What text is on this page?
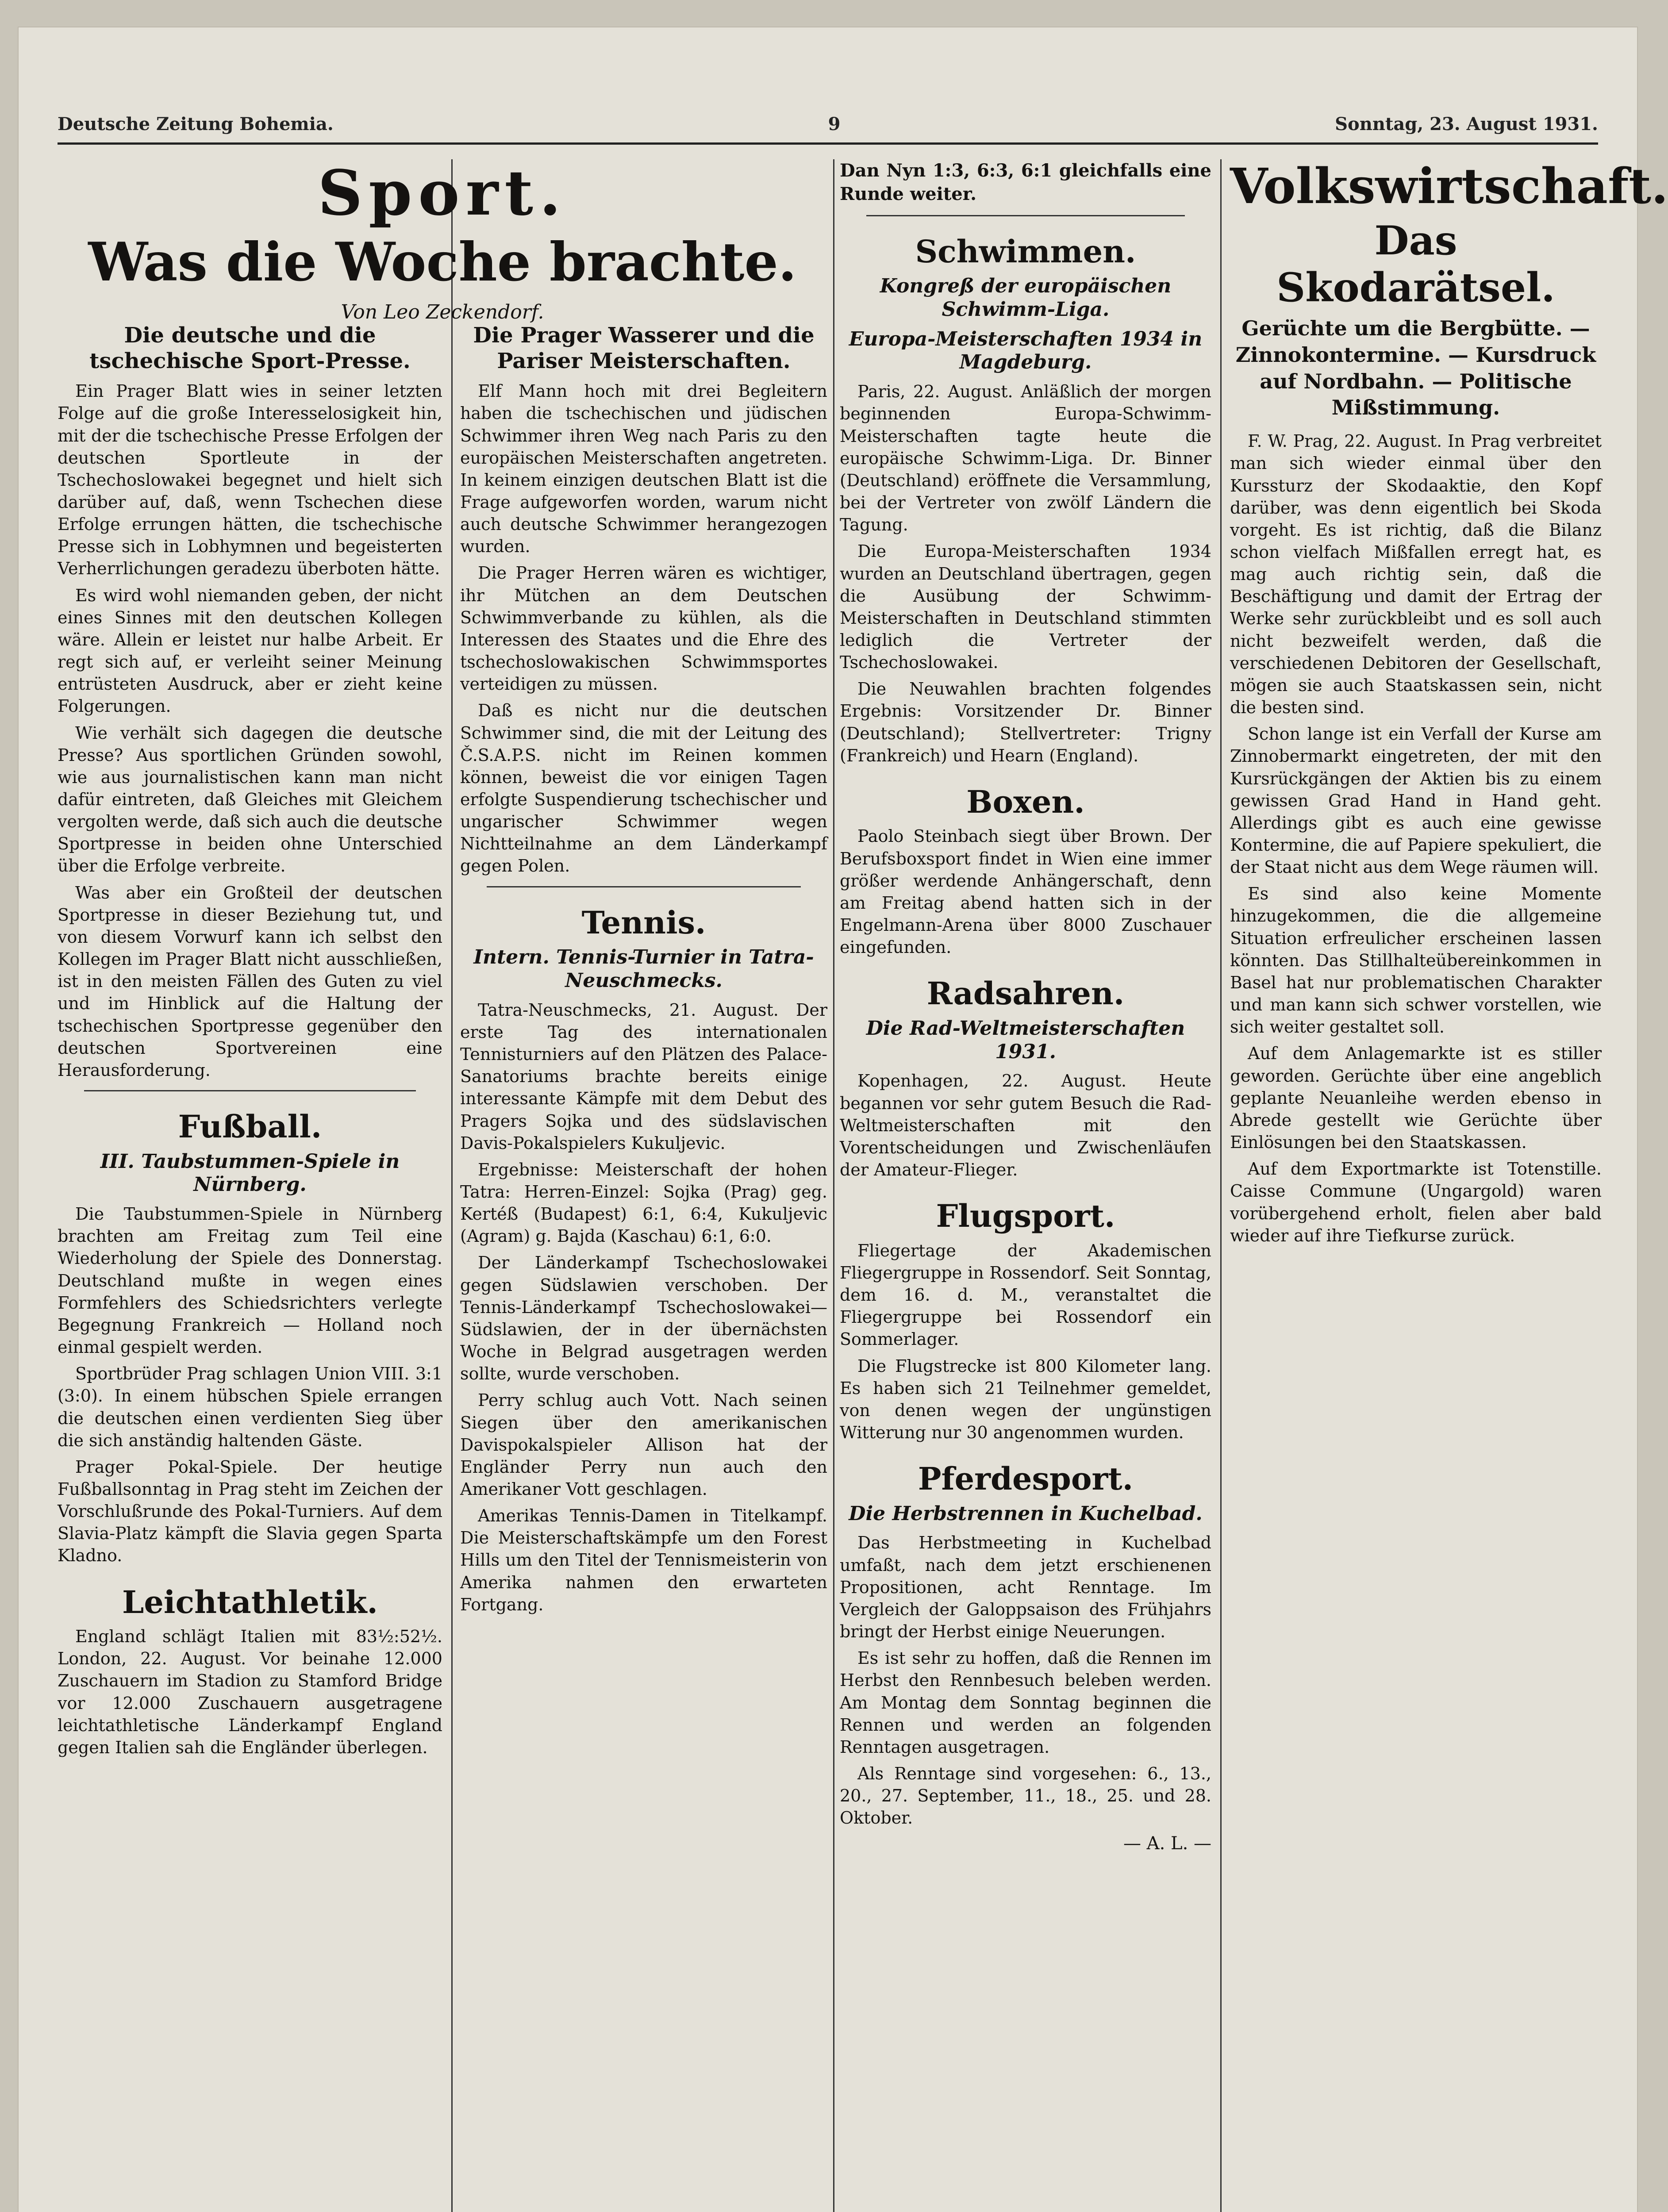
Deutsche Zeitung Bohemia.	9	Sonntag, 23. August 1931.
Sport.
Was die Woche brachte.
Von Leo Zeckendorf.
Die deutsche und die tschechische Sport-Presse.

Ein Prager Blatt wies in seiner letzten Folge auf die große Interesselosigkeit hin, mit der die tschechische Presse Erfolgen der deutschen Sportleute in der Tschechoslowakei begegnet und hielt sich darüber auf, daß, wenn Tschechen diese Erfolge errungen hätten, die tschechische Presse sich in Lobhymnen und begeisterten Verherrlichungen geradezu überboten hätte.

Es wird wohl niemanden geben, der nicht eines Sinnes mit den deutschen Kollegen wäre. Allein er leistet nur halbe Arbeit. Er regt sich auf, er verleiht seiner Meinung entrüsteten Ausdruck, aber er zieht keine Folgerungen.

Wie verhält sich dagegen die deutsche Presse? Aus sportlichen Gründen sowohl, wie aus journalistischen kann man nicht dafür eintreten, daß Gleiches mit Gleichem vergolten werde, daß sich auch die deutsche Sportpresse in beiden ohne Unterschied über die Erfolge verbreite.

Was aber ein Großteil der deutschen Sportpresse in dieser Beziehung tut, und von diesem Vorwurf kann ich selbst den Kollegen im Prager Blatt nicht ausschließen, ist in den meisten Fällen des Guten zu viel und im Hinblick auf die Haltung der tschechischen Sportpresse gegenüber den deutschen Sportvereinen eine Herausforderung.

Fußball.
III. Taubstummen-Spiele in Nürnberg.

Die Taubstummen-Spiele in Nürnberg brachten am Freitag zum Teil eine Wiederholung der Spiele des Donnerstag. Deutschland mußte in wegen eines Formfehlers des Schiedsrichters verlegte Begegnung Frankreich — Holland noch einmal gespielt werden.

Sportbrüder Prag schlagen Union VIII. 3:1 (3:0). In einem hübschen Spiele errangen die deutschen einen verdienten Sieg über die sich anständig haltenden Gäste.

Prager Pokal-Spiele. Der heutige Fußballsonntag in Prag steht im Zeichen der Vorschlußrunde des Pokal-Turniers. Auf dem Slavia-Platz kämpft die Slavia gegen Sparta Kladno.

Leichtathletik.

England schlägt Italien mit 83½:52½. London, 22. August. Vor beinahe 12.000 Zuschauern im Stadion zu Stamford Bridge vor 12.000 Zuschauern ausgetragene leichtathletische Länderkampf England gegen Italien sah die Engländer überlegen.

Die Prager Wasserer und die Pariser Meisterschaften.

Elf Mann hoch mit drei Begleitern haben die tschechischen und jüdischen Schwimmer ihren Weg nach Paris zu den europäischen Meisterschaften angetreten. In keinem einzigen deutschen Blatt ist die Frage aufgeworfen worden, warum nicht auch deutsche Schwimmer herangezogen wurden.

Die Prager Herren wären es wichtiger, ihr Mütchen an dem Deutschen Schwimmverbande zu kühlen, als die Interessen des Staates und die Ehre des tschechoslowakischen Schwimmsportes verteidigen zu müssen.

Daß es nicht nur die deutschen Schwimmer sind, die mit der Leitung des Č.S.A.P.S. nicht im Reinen kommen können, beweist die vor einigen Tagen erfolgte Suspendierung tschechischer und ungarischer Schwimmer wegen Nichtteilnahme an dem Länderkampf gegen Polen.

Tennis.
Intern. Tennis-Turnier in Tatra-Neuschmecks.

Tatra-Neuschmecks, 21. August. Der erste Tag des internationalen Tennisturniers auf den Plätzen des Palace-Sanatoriums brachte bereits einige interessante Kämpfe mit dem Debut des Pragers Sojka und des südslavischen Davis-Pokalspielers Kukuljevic.

Ergebnisse: Meisterschaft der hohen Tatra: Herren-Einzel: Sojka (Prag) geg. Kertéß (Budapest) 6:1, 6:4, Kukuljevic (Agram) g. Bajda (Kaschau) 6:1, 6:0.

Der Länderkampf Tschechoslowakei gegen Südslawien verschoben. Der Tennis-Länderkampf Tschechoslowakei—Südslawien, der in der übernächsten Woche in Belgrad ausgetragen werden sollte, wurde verschoben.

Perry schlug auch Vott. Nach seinen Siegen über den amerikanischen Davispokalspieler Allison hat der Engländer Perry nun auch den Amerikaner Vott geschlagen.

Amerikas Tennis-Damen in Titelkampf. Die Meisterschaftskämpfe um den Forest Hills um den Titel der Tennismeisterin von Amerika nahmen den erwarteten Fortgang.

Dan Nyn 1:3, 6:3, 6:1 gleichfalls eine Runde weiter.

Schwimmen.
Kongreß der europäischen Schwimm-Liga.
Europa-Meisterschaften 1934 in Magdeburg.

Paris, 22. August. Anläßlich der morgen beginnenden Europa-Schwimm-Meisterschaften tagte heute die europäische Schwimm-Liga. Dr. Binner (Deutschland) eröffnete die Versammlung, bei der Vertreter von zwölf Ländern die Tagung.

Die Europa-Meisterschaften 1934 wurden an Deutschland übertragen, gegen die Ausübung der Schwimm-Meisterschaften in Deutschland stimmten lediglich die Vertreter der Tschechoslowakei.

Die Neuwahlen brachten folgendes Ergebnis: Vorsitzender Dr. Binner (Deutschland); Stellvertreter: Trigny (Frankreich) und Hearn (England).

Boxen.

Paolo Steinbach siegt über Brown. Der Berufsboxsport findet in Wien eine immer größer werdende Anhängerschaft, denn am Freitag abend hatten sich in der Engelmann-Arena über 8000 Zuschauer eingefunden.

Radsahren.
Die Rad-Weltmeisterschaften 1931.

Kopenhagen, 22. August. Heute begannen vor sehr gutem Besuch die Rad-Weltmeisterschaften mit den Vorentscheidungen und Zwischenläufen der Amateur-Flieger.

Flugsport.

Fliegertage der Akademischen Fliegergruppe in Rossendorf. Seit Sonntag, dem 16. d. M., veranstaltet die Fliegergruppe bei Rossendorf ein Sommerlager.

Die Flugstrecke ist 800 Kilometer lang. Es haben sich 21 Teilnehmer gemeldet, von denen wegen der ungünstigen Witterung nur 30 angenommen wurden.

Pferdesport.
Die Herbstrennen in Kuchelbad.

Das Herbstmeeting in Kuchelbad umfaßt, nach dem jetzt erschienenen Propositionen, acht Renntage. Im Vergleich der Galoppsaison des Frühjahrs bringt der Herbst einige Neuerungen.

Es ist sehr zu hoffen, daß die Rennen im Herbst den Rennbesuch beleben werden. Am Montag dem Sonntag beginnen die Rennen und werden an folgenden Renntagen ausgetragen.

Als Renntage sind vorgesehen: 6., 13., 20., 27. September, 11., 18., 25. und 28. Oktober.

— A. L. —
Volkswirtschaft.
Das Skodarätsel.
Gerüchte um die Bergbütte. — Zinnokontermine. — Kursdruck auf Nordbahn. — Politische Mißstimmung.

F. W. Prag, 22. August. In Prag verbreitet man sich wieder einmal über den Kurssturz der Skodaaktie, den Kopf darüber, was denn eigentlich bei Skoda vorgeht. Es ist richtig, daß die Bilanz schon vielfach Mißfallen erregt hat, es mag auch richtig sein, daß die Beschäftigung und damit der Ertrag der Werke sehr zurückbleibt und es soll auch nicht bezweifelt werden, daß die verschiedenen Debitoren der Gesellschaft, mögen sie auch Staatskassen sein, nicht die besten sind.

Schon lange ist ein Verfall der Kurse am Zinnobermarkt eingetreten, der mit den Kursrückgängen der Aktien bis zu einem gewissen Grad Hand in Hand geht. Allerdings gibt es auch eine gewisse Kontermine, die auf Papiere spekuliert, die der Staat nicht aus dem Wege räumen will.

Es sind also keine Momente hinzugekommen, die die allgemeine Situation erfreulicher erscheinen lassen könnten. Das Stillhalteübereinkommen in Basel hat nur problematischen Charakter und man kann sich schwer vorstellen, wie sich weiter gestaltet soll.

Auf dem Anlagemarkte ist es stiller geworden. Gerüchte über eine angeblich geplante Neuanleihe werden ebenso in Abrede gestellt wie Gerüchte über Einlösungen bei den Staatskassen.

Auf dem Exportmarkte ist Totenstille. Caisse Commune (Ungargold) waren vorübergehend erholt, fielen aber bald wieder auf ihre Tiefkurse zurück.
